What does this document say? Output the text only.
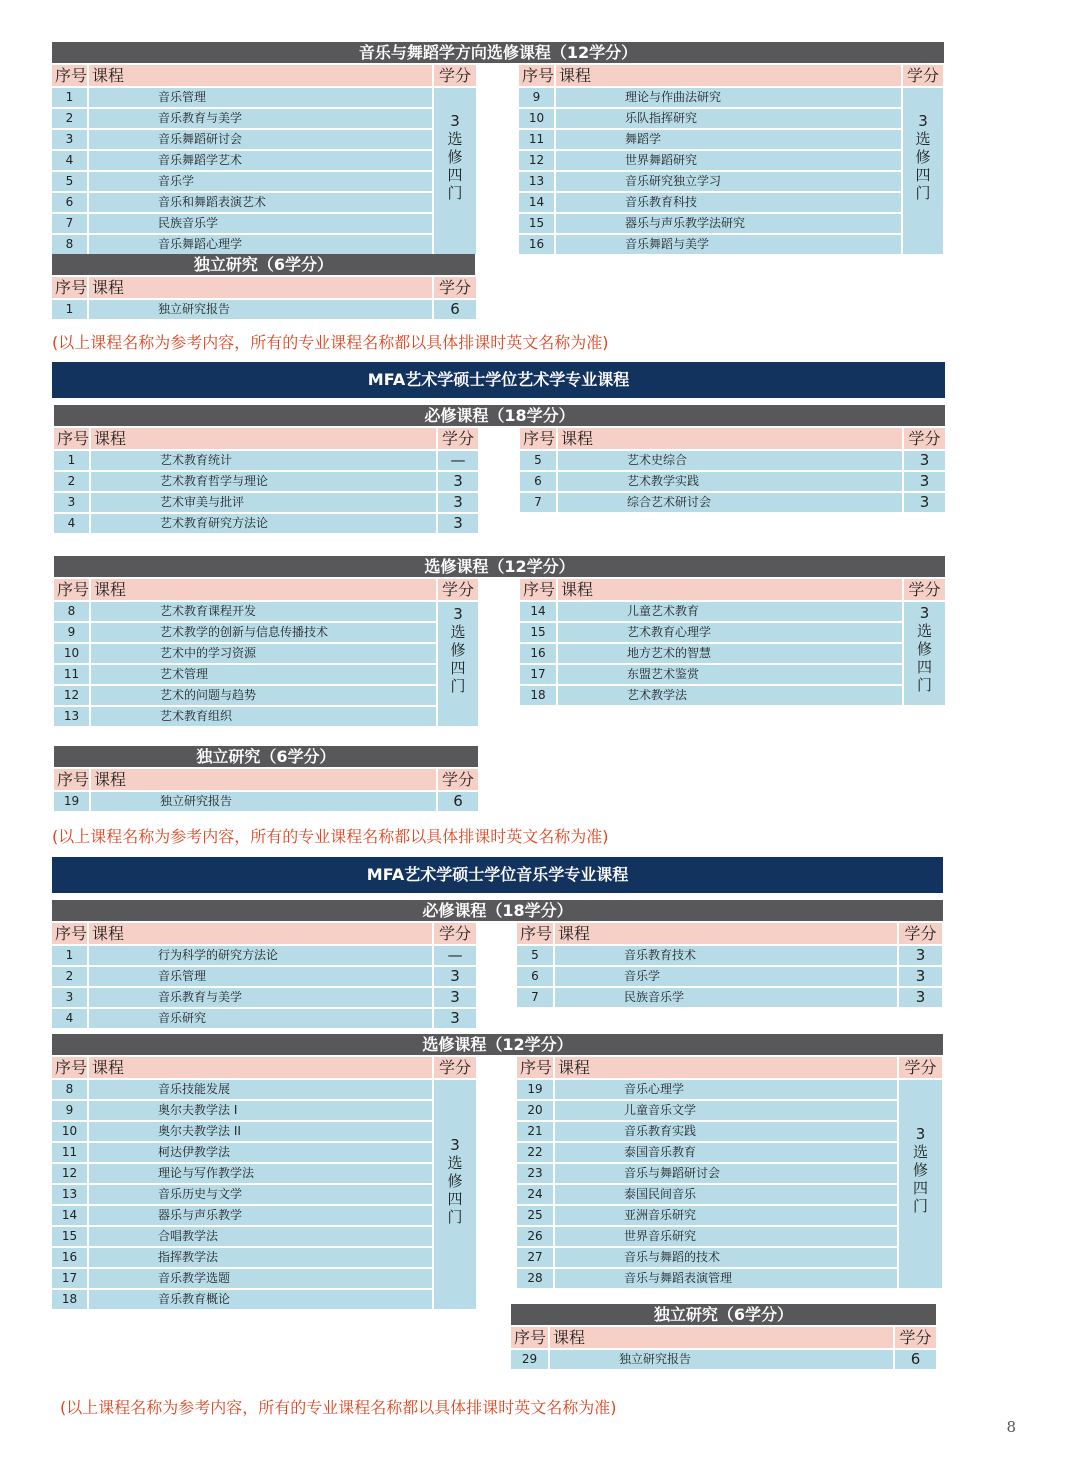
音乐与舞蹈学方向选修课程（12学分）
独立研究（6学分）
(以上课程名称为参考内容，所有的专业课程名称都以具体排课时英文名称为准)
MFA艺术学硕士学位艺术学专业课程
必修课程（18学分）
选修课程（12学分）
独立研究（6学分）
(以上课程名称为参考内容，所有的专业课程名称都以具体排课时英文名称为准)
MFA艺术学硕士学位音乐学专业课程
必修课程（18学分）
选修课程（12学分）
独立研究（6学分）
(以上课程名称为参考内容，所有的专业课程名称都以具体排课时英文名称为准)
8
序号 课程	学分
1	音乐管理
2	音乐教育与美学
3	音乐舞蹈研讨会
4	音乐舞蹈学艺术
5	音乐学
6	音乐和舞蹈表演艺术
7	民族音乐学
8	音乐舞蹈心理学
3
选
修
四
门
序号 课程	学分
9	理论与作曲法研究
10	乐队指挥研究
11	舞蹈学
12	世界舞蹈研究
13	音乐研究独立学习
14	音乐教育科技
15	器乐与声乐教学法研究
16	音乐舞蹈与美学
3
选
修
四
门
序号 课程	学分
1	独立研究报告	6
序号 课程	学分
1	艺术教育统计	—
2	艺术教育哲学与理论	3
3	艺术审美与批评	3
4	艺术教育研究方法论	3
序号 课程	学分
5	艺术史综合	3
6	艺术教学实践	3
7	综合艺术研讨会	3
序号 课程	学分
8	艺术教育课程开发
9	艺术教学的创新与信息传播技术
10	艺术中的学习资源
11	艺术管理
12	艺术的问题与趋势
13	艺术教育组织
3
选
修
四
门
序号 课程	学分
14	儿童艺术教育
15	艺术教育心理学
16	地方艺术的智慧
17	东盟艺术鉴赏
18	艺术教学法
3
选
修
四
门
序号 课程	学分
19	独立研究报告	6
序号 课程	学分
1	行为科学的研究方法论	—
2	音乐管理	3
3	音乐教育与美学	3
4	音乐研究	3
序号 课程	学分
5	音乐教育技术	3
6	音乐学	3
7	民族音乐学	3
序号 课程	学分
8	音乐技能发展
9	奥尔夫教学法 I
10	奥尔夫教学法 II
11	柯达伊教学法
12	理论与写作教学法
13	音乐历史与文学
14	器乐与声乐教学
15	合唱教学法
16	指挥教学法
17	音乐教学选题
18	音乐教育概论
3
选
修
四
门
序号 课程	学分
19	音乐心理学
20	儿童音乐文学
21	音乐教育实践
22	泰国音乐教育
23	音乐与舞蹈研讨会
24	泰国民间音乐
25	亚洲音乐研究
26	世界音乐研究
27	音乐与舞蹈的技术
28	音乐与舞蹈表演管理
3
选
修
四
门
序号 课程	学分
29	独立研究报告	6
